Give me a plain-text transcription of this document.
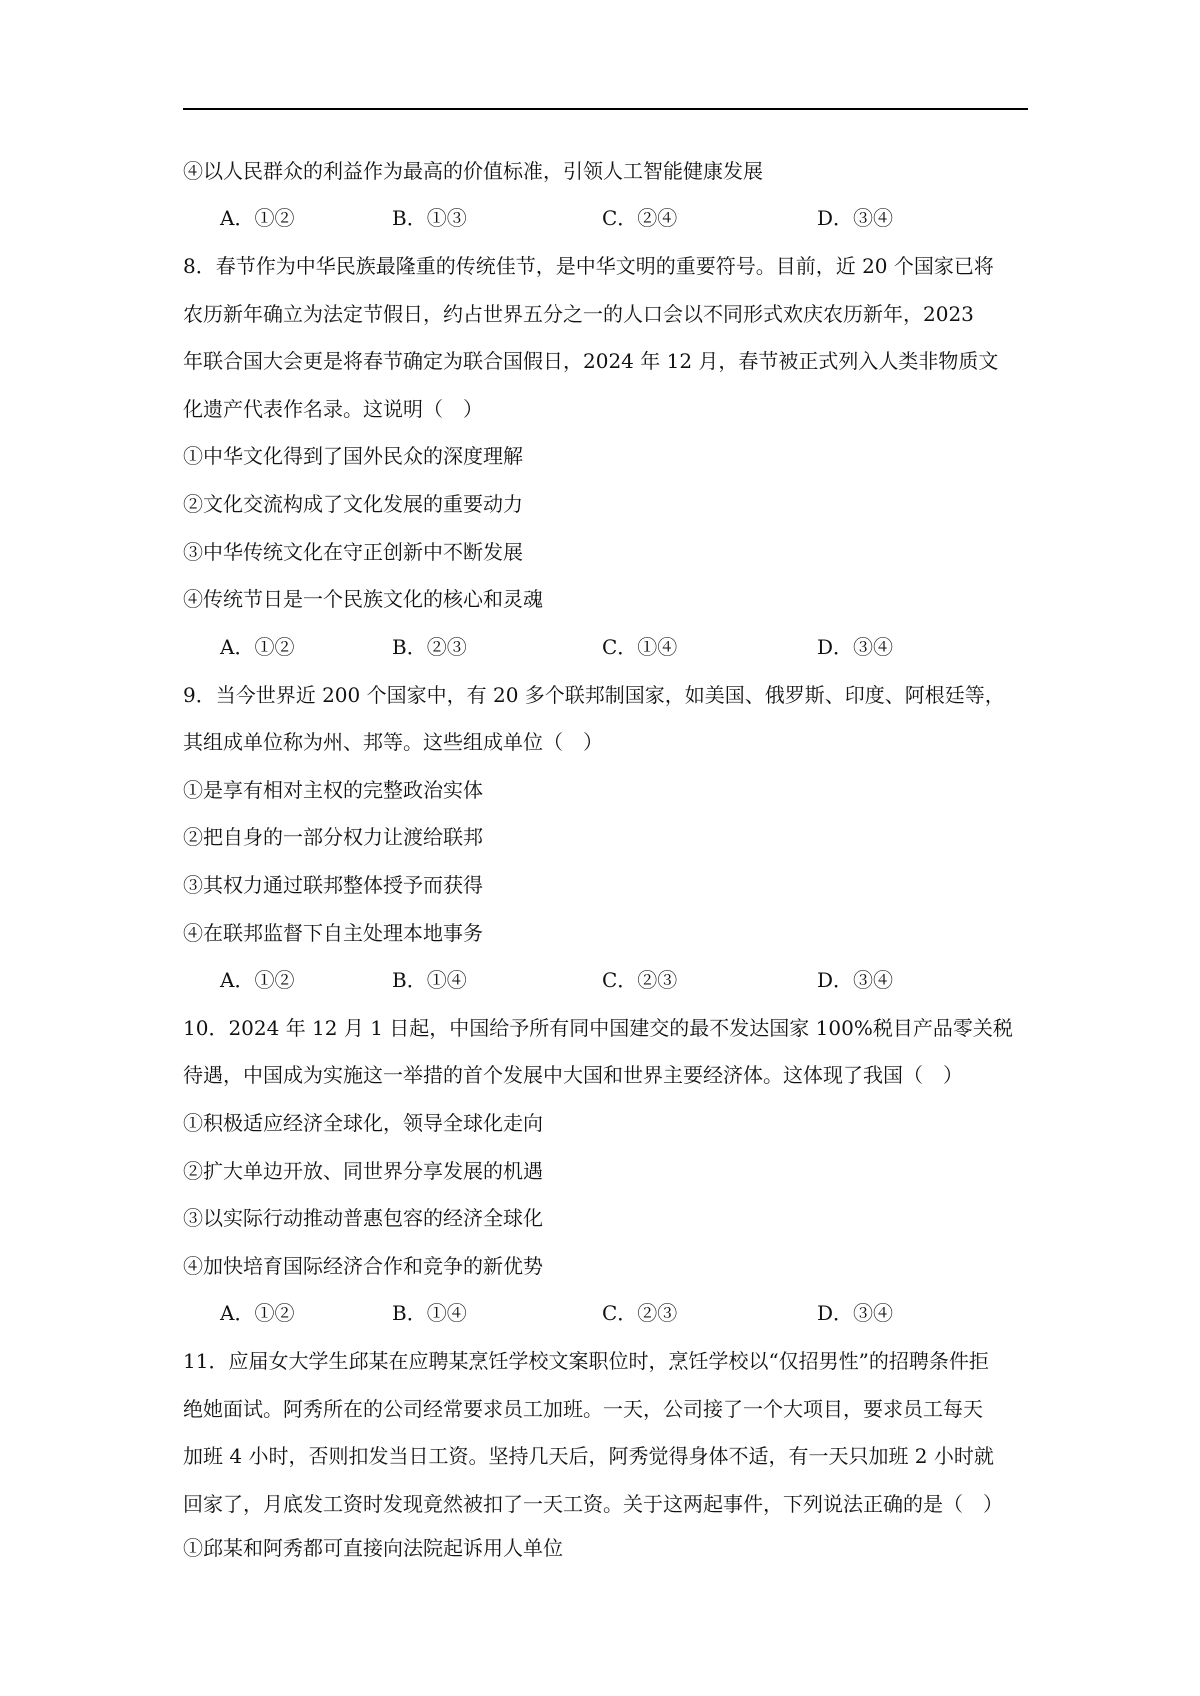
④以人民群众的利益作为最高的价值标准，引领人工智能健康发展
A．①②	B．①③	C．②④	D．③④
8．春节作为中华民族最隆重的传统佳节，是中华文明的重要符号。目前，近 20 个国家已将
农历新年确立为法定节假日，约占世界五分之一的人口会以不同形式欢庆农历新年，2023
年联合国大会更是将春节确定为联合国假日，2024 年 12 月，春节被正式列入人类非物质文
化遗产代表作名录。这说明（　）
①中华文化得到了国外民众的深度理解
②文化交流构成了文化发展的重要动力
③中华传统文化在守正创新中不断发展
④传统节日是一个民族文化的核心和灵魂
A．①②	B．②③	C．①④	D．③④
9．当今世界近 200 个国家中，有 20 多个联邦制国家，如美国、俄罗斯、印度、阿根廷等，
其组成单位称为州、邦等。这些组成单位（　）
①是享有相对主权的完整政治实体
②把自身的一部分权力让渡给联邦
③其权力通过联邦整体授予而获得
④在联邦监督下自主处理本地事务
A．①②	B．①④	C．②③	D．③④
10．2024 年 12 月 1 日起，中国给予所有同中国建交的最不发达国家 100%税目产品零关税
待遇，中国成为实施这一举措的首个发展中大国和世界主要经济体。这体现了我国（　）
①积极适应经济全球化，领导全球化走向
②扩大单边开放、同世界分享发展的机遇
③以实际行动推动普惠包容的经济全球化
④加快培育国际经济合作和竞争的新优势
A．①②	B．①④	C．②③	D．③④
11．应届女大学生邱某在应聘某烹饪学校文案职位时，烹饪学校以“仅招男性”的招聘条件拒
绝她面试。阿秀所在的公司经常要求员工加班。一天，公司接了一个大项目，要求员工每天
加班 4 小时，否则扣发当日工资。坚持几天后，阿秀觉得身体不适，有一天只加班 2 小时就
回家了，月底发工资时发现竟然被扣了一天工资。关于这两起事件，下列说法正确的是（　）
①邱某和阿秀都可直接向法院起诉用人单位
